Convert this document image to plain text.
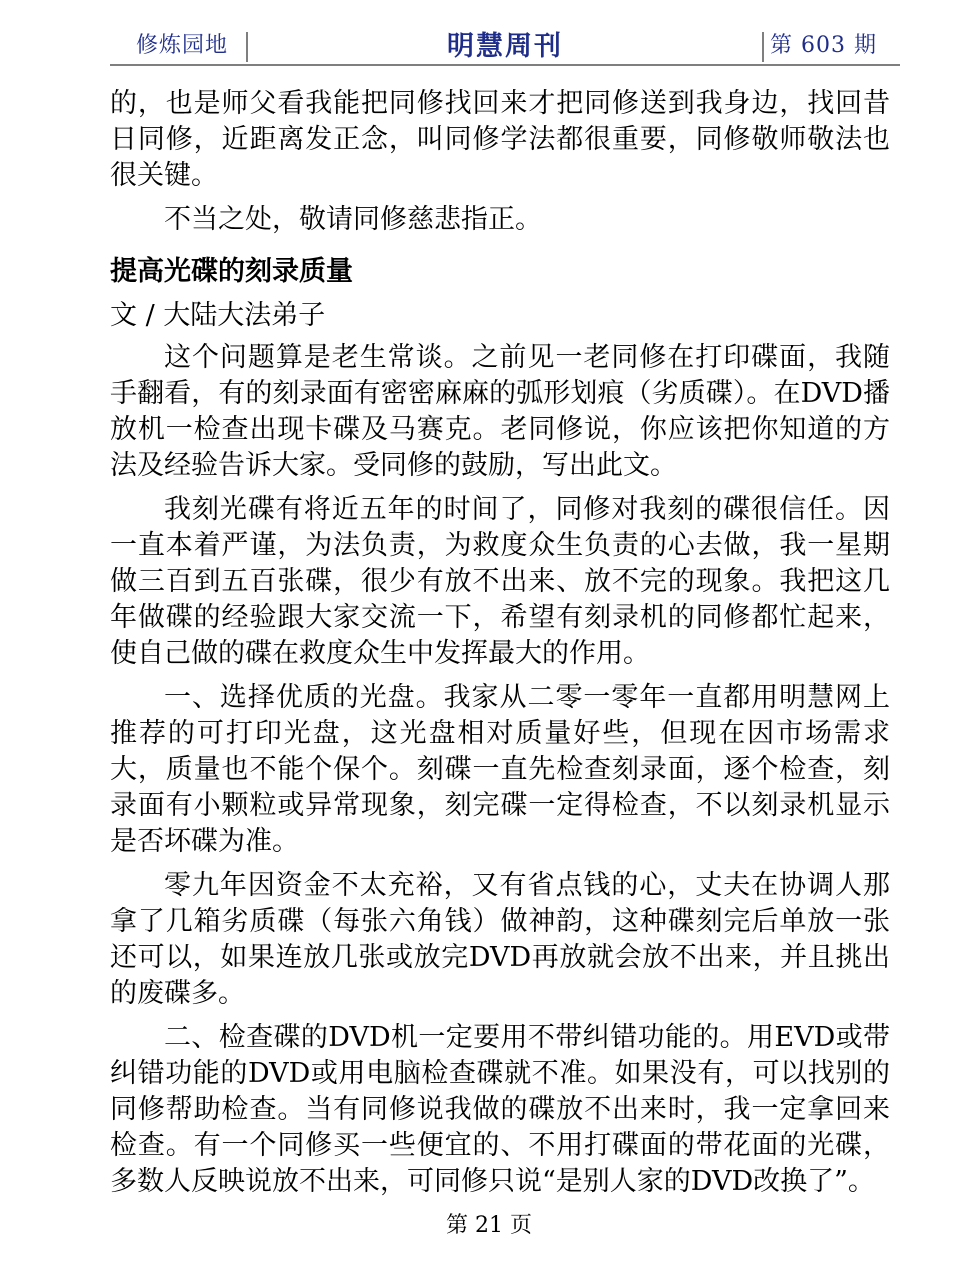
修炼园地	明慧周刊	第 603 期

的，也是师父看我能把同修找回来才把同修送到我身边，找回昔日同修，近距离发正念，叫同修学法都很重要，同修敬师敬法也很关键。

不当之处，敬请同修慈悲指正。

提高光碟的刻录质量

文 / 大陆大法弟子

这个问题算是老生常谈。之前见一老同修在打印碟面，我随手翻看，有的刻录面有密密麻麻的弧形划痕（劣质碟）。在DVD播放机一检查出现卡碟及马赛克。老同修说，你应该把你知道的方法及经验告诉大家。受同修的鼓励，写出此文。

我刻光碟有将近五年的时间了，同修对我刻的碟很信任。因一直本着严谨，为法负责，为救度众生负责的心去做，我一星期做三百到五百张碟，很少有放不出来、放不完的现象。我把这几年做碟的经验跟大家交流一下，希望有刻录机的同修都忙起来，使自己做的碟在救度众生中发挥最大的作用。

一、选择优质的光盘。我家从二零一零年一直都用明慧网上推荐的可打印光盘，这光盘相对质量好些，但现在因市场需求大，质量也不能个保个。刻碟一直先检查刻录面，逐个检查，刻录面有小颗粒或异常现象，刻完碟一定得检查，不以刻录机显示是否坏碟为准。

零九年因资金不太充裕，又有省点钱的心，丈夫在协调人那拿了几箱劣质碟（每张六角钱）做神韵，这种碟刻完后单放一张还可以，如果连放几张或放完DVD再放就会放不出来，并且挑出的废碟多。

二、检查碟的DVD机一定要用不带纠错功能的。用EVD或带纠错功能的DVD或用电脑检查碟就不准。如果没有，可以找别的同修帮助检查。当有同修说我做的碟放不出来时，我一定拿回来检查。有一个同修买一些便宜的、不用打碟面的带花面的光碟，多数人反映说放不出来，可同修只说“是别人家的DVD改换了”。

第 21 页
